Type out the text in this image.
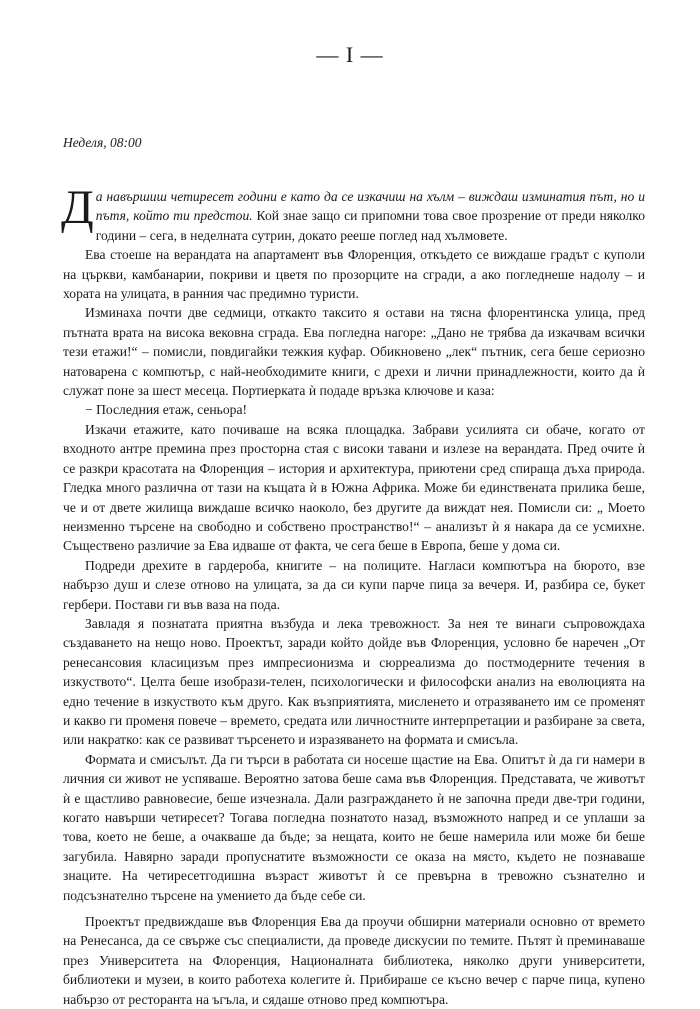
— I —
Неделя, 08:00

Да навършиш четиресет години е като да се изкачиш на хълм – виждаш изминатия път, но и пътя, който ти предстои. Кой знае защо си припомни това свое прозрение от преди няколко години – сега, в неделната сутрин, докато рееше поглед над хълмовете.

Ева стоеше на верандата на апартамент във Флоренция, откъдето се виждаше градът с куполи на църкви, камбанарии, покриви и цветя по прозорците на сгради, а ако погледнеше надолу – и хората на улицата, в ранния час предимно туристи.

Изминаха почти две седмици, откакто таксито я остави на тясна флорентинска улица, пред пътната врата на висока вековна сграда. Ева погледна нагоре: „Дано не трябва да изкачвам всички тези етажи!“ – помисли, повдигайки тежкия куфар. Обикновено „лек“ пътник, сега беше сериозно натоварена с компютър, с най-необходимите книги, с дрехи и лични принадлежности, които да ѝ служат поне за шест месеца. Портиерката ѝ подаде връзка ключове и каза:

− Последния етаж, сеньора!

Изкачи етажите, като почиваше на всяка площадка. Забрави усилията си обаче, когато от входното антре премина през просторна стая с високи тавани и излезе на верандата. Пред очите ѝ се разкри красотата на Флоренция – история и архитектура, приютени сред спиращa дъха природа. Гледка много различна от тази на къщата ѝ в Южна Африка. Може би единствената прилика беше, че и от двете жилища виждаше всичко наоколо, без другите да виждат нея. Помисли си: „ Моето неизменно търсене на свободно и собствено пространство!“ – анализът ѝ я накара да се усмихне. Съществено различие за Ева идваше от факта, че сега беше в Европа, беше у дома си.

Подреди дрехите в гардероба, книгите – на полиците. Нагласи компютъра на бюрото, взе набързо душ и слезе отново на улицата, за да си купи парче пица за вечеря. И, разбира се, букет гербери. Постави ги във ваза на пода.

Завладя я познатата приятна възбуда и лека тревожност. За нея те винаги съпровождаха създаването на нещо ново. Проектът, заради който дойде във Флоренция, условно бе наречен „От ренесансовия класицизъм през импресионизма и сюрреализма до постмодерните течения в изкуството“. Целта беше изобрази-телен, психологически и философски анализ на еволюцията на едно течение в изкуството към друго. Как възприятията, мисленето и отразяването им се променят и какво ги променя повече – времето, средата или личностните интерпретации и разбиране за света, или накратко: как се развиват търсенето и изразяването на формата и смисъла.

Формата и смисълът. Да ги търси в работата си носеше щастие на Ева. Опитът ѝ да ги намери в личния си живот не успяваше. Вероятно затова беше сама във Флоренция. Представата, че животът ѝ е щастливо равновесие, беше изчезнала. Дали разграждането ѝ не започна преди две-три години, когато навърши четиресет? Тогава погледна познатото назад, възможното напред и се уплаши за това, което не беше, а очакваше да бъде; за нещата, които не беше намерила или може би беше загубила. Навярно заради пропуснатите възможности се оказа на място, където не познаваше знаците. На четиресетгодишна възраст животът ѝ се превърна в тревожно съзнателно и подсъзнателно търсене на умението да бъде себе си.

Проектът предвиждаше във Флоренция Ева да проучи обширни материали основно от времето на Ренесанса, да се свърже със специалисти, да проведе дискусии по темите. Пътят ѝ преминаваше през Университета на Флоренция, Националната библиотека, няколко други университети, библиотеки и музеи, в които работеха колегите ѝ. Прибираше се късно вечер с парче пица, купено набързо от ресторанта на ъгъла, и сядаше отново пред компютъра.
